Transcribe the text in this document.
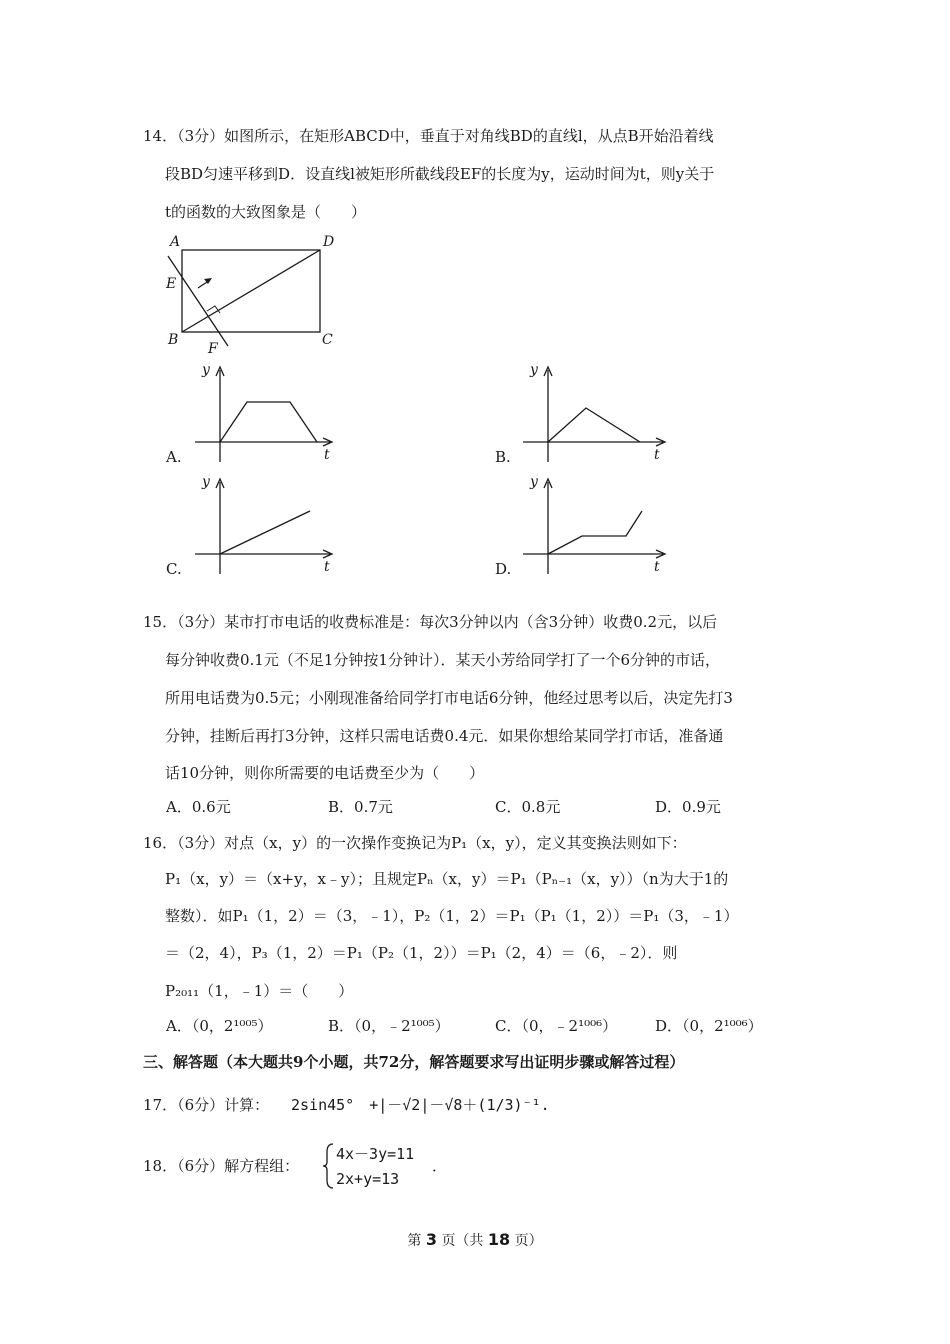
14．（3分）如图所示，在矩形ABCD中，垂直于对角线BD的直线l，从点B开始沿着线
段BD匀速平移到D．设直线l被矩形所截线段EF的长度为y，运动时间为t，则y关于
t的函数的大致图象是（　　）
A	D
E
B
F
C
A.
y
t	B.
y
t
C.
y
t	D.
y
t
15．（3分）某市打市电话的收费标准是：每次3分钟以内（含3分钟）收费0.2元，以后
每分钟收费0.1元（不足1分钟按1分钟计）．某天小芳给同学打了一个6分钟的市话，
所用电话费为0.5元；小刚现准备给同学打市电话6分钟，他经过思考以后，决定先打3
分钟，挂断后再打3分钟，这样只需电话费0.4元．如果你想给某同学打市话，准备通
话10分钟，则你所需要的电话费至少为（　　）
A．0.6元	B．0.7元	C．0.8元	D．0.9元
16．（3分）对点（x，y）的一次操作变换记为P₁（x，y），定义其变换法则如下：
P₁（x，y）＝（x+y，x﹣y）；且规定Pₙ（x，y）＝P₁（Pₙ₋₁（x，y））（n为大于1的
整数）．如P₁（1，2）＝（3，﹣1），P₂（1，2）＝P₁（P₁（1，2））＝P₁（3，﹣1）
＝（2，4），P₃（1，2）＝P₁（P₂（1，2））＝P₁（2，4）＝（6，﹣2）．则
P₂₀₁₁（1，﹣1）＝（　　）
A．（0，2¹⁰⁰⁵）	B．（0，﹣2¹⁰⁰⁵）	C．（0，﹣2¹⁰⁰⁶）	D．（0，2¹⁰⁰⁶）
三、解答题（本大题共9个小题，共72分，解答题要求写出证明步骤或解答过程）
17．（6分）计算： 2sin45°　+|－√2|－√8＋(1/3)⁻¹.
18．（6分）解方程组：
4x－3y=11
2x+y=13
．
第 3 页（共 18 页）
